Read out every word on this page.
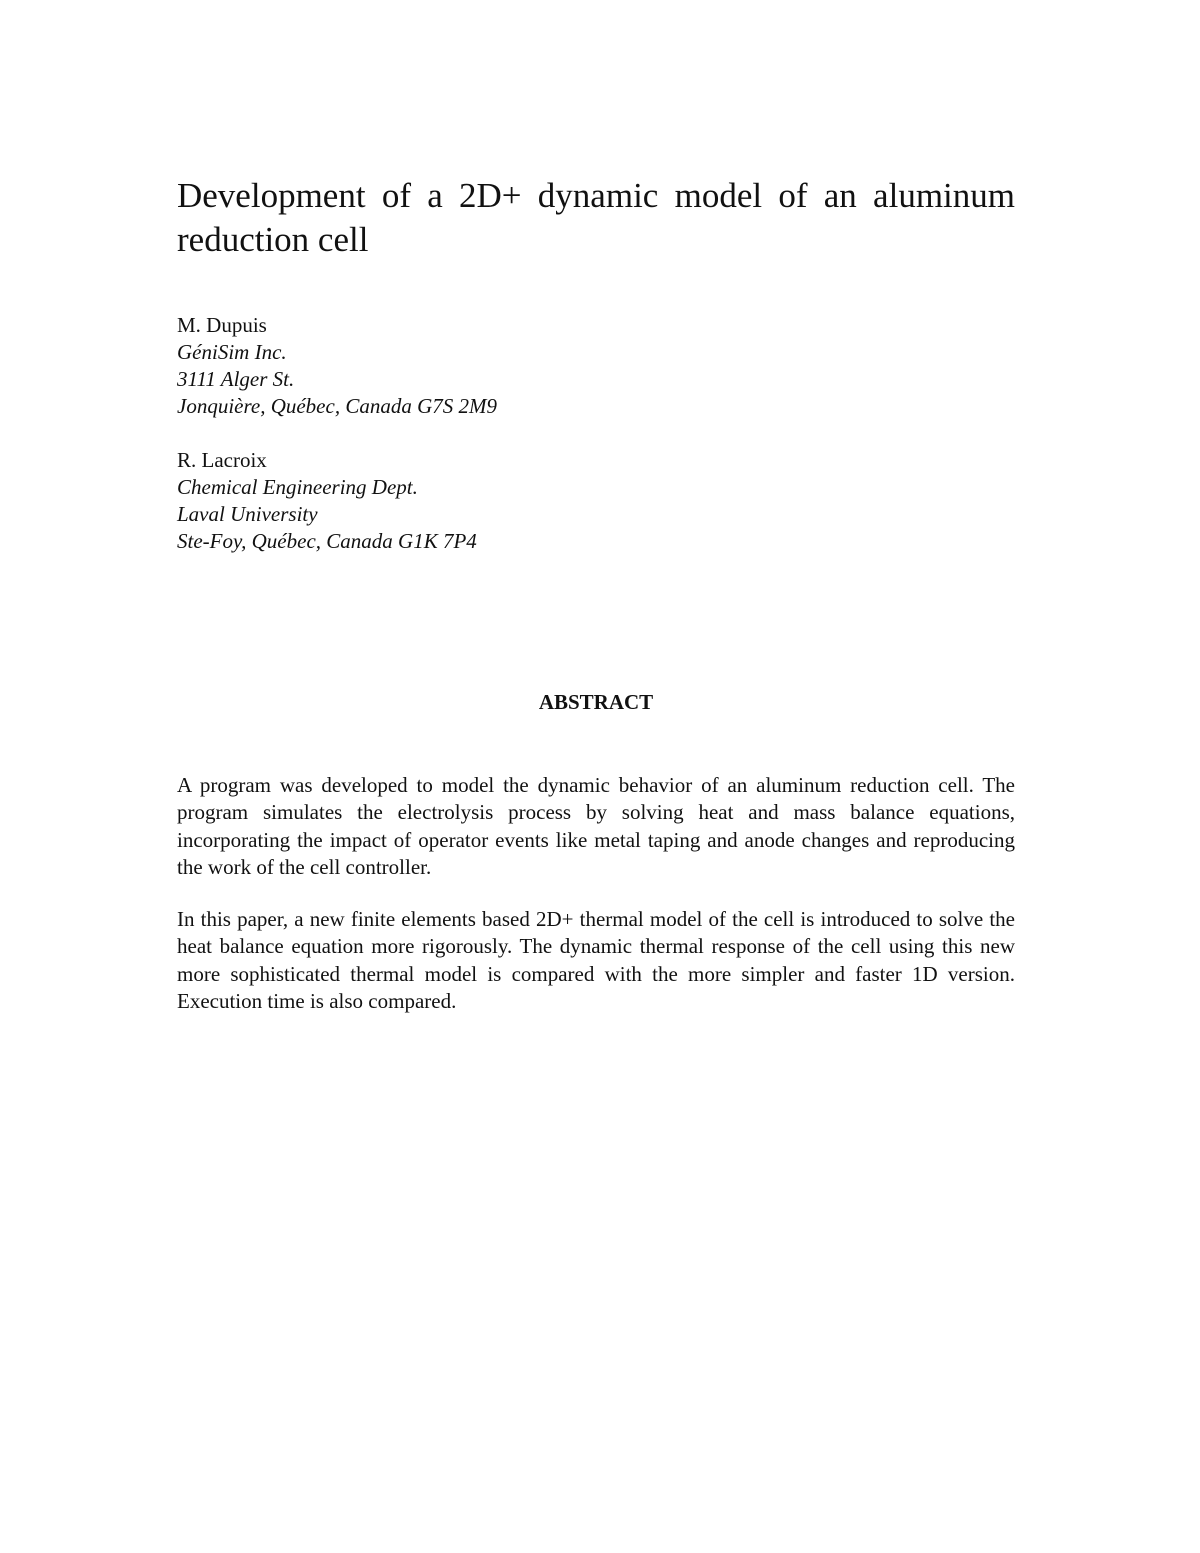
Development of a 2D+ dynamic model of an aluminum reduction cell
M. Dupuis
GéniSim Inc.
3111 Alger St.
Jonquière, Québec, Canada G7S 2M9
R. Lacroix
Chemical Engineering Dept.
Laval University
Ste-Foy, Québec, Canada G1K 7P4
ABSTRACT

A program was developed to model the dynamic behavior of an aluminum reduction cell. The program simulates the electrolysis process by solving heat and mass balance equations, incorporating the impact of operator events like metal taping and anode changes and reproducing the work of the cell controller.

In this paper, a new finite elements based 2D+ thermal model of the cell is introduced to solve the heat balance equation more rigorously. The dynamic thermal response of the cell using this new more sophisticated thermal model is compared with the more simpler and faster 1D version. Execution time is also compared.
